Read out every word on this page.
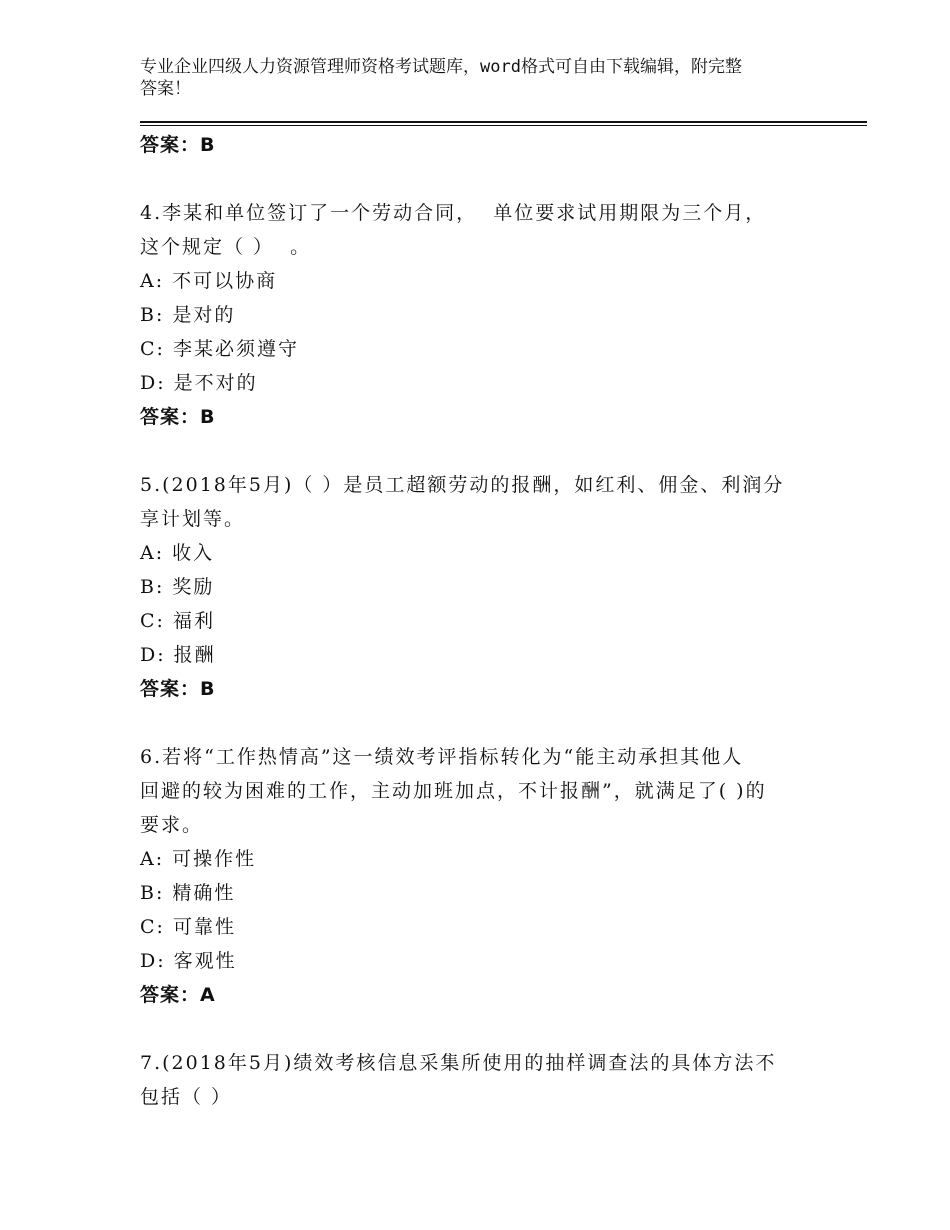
专业企业四级人力资源管理师资格考试题库，word格式可自由下载编辑，附完整
答案！
答案：B
4.李某和单位签订了一个劳动合同，  单位要求试用期限为三个月，
这个规定（ ）  。
A: 不可以协商
B: 是对的
C: 李某必须遵守
D: 是不对的
答案：B
5.(2018年5月)（ ）是员工超额劳动的报酬，如红利、佣金、利润分
享计划等。
A: 收入
B: 奖励
C: 福利
D: 报酬
答案：B
6.若将“工作热情高”这一绩效考评指标转化为“能主动承担其他人
回避的较为困难的工作，主动加班加点，不计报酬”，就满足了( )的
要求。
A: 可操作性
B: 精确性
C: 可靠性
D: 客观性
答案：A
7.(2018年5月)绩效考核信息采集所使用的抽样调查法的具体方法不
包括（ ）
